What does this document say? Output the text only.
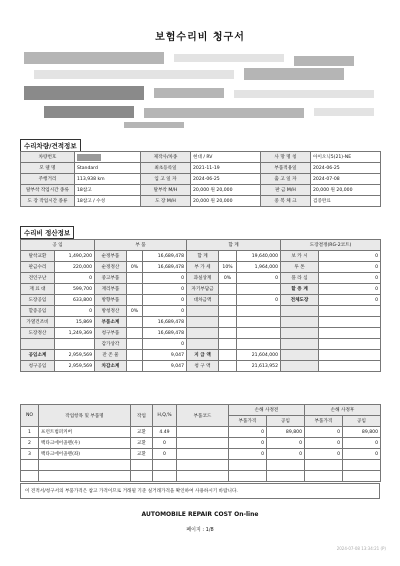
보험수리비 청구서
수리차량/견적정보
차량번호		제작사/차종	현대 / RV	사 망 명 칭	아이오닉5(21)-NE
모 델 명	Standard	최초등록일	2021-11-19	부품적용일	2024-06-25
주행거리	113,938 km	입 고 일 자	2024-06-25	출 고 일 자	2024-07-08
탈부착 작업시간 종류	18참고	탈부착 M/H	20,000 원 20,000	판 금 M/H	20,000 원 20,000
도 장 작업시간 종류	18참고 / 수성	도 장 M/H	20,000 원 20,000	중 복 체 크	검증완료
수리비 정산정보
공 임		부 품			합 계			도장결정(RG-2코트)	
탈착교환	1,490,200	순정부품		16,689,478	합 계		19,640,000	보 카 시	0
판금수리	220,000	순정정산	0%	16,689,478	부 가 세	10%	1,964,000	투 톤	0
견인구난	0	중고부품		0	과실상계	0%	0	플 라 심	0
재 료 대	599,700	재리부품		0	자기부담금			할 증 계	0
도장공임	633,800	방향부품		0	대차금액		0	전체도장	0
할증공임	0	방청정산	0%	0					
가열건조비	15,869	부품소계		16,689,478					
도장정산	1,249,369	청구부품		16,689,478					
		감가상각		0					
공임소계	2,959,569	잔 존 물		9,047	지 급 액		21,604,000		
청구공임	2,959,569	차감소계		9,047	청 구 액		21,613,952		
NO	작업항목 및 부품명	작업	H,Q,%	부품코드	손해 사정전		손해 사정후	
					부품가격	공임	부품가격	공임
1	프런트범퍼커버	교환	4.49		0	89,800	0	89,800
2	백타크에어졸렌(우)	교환	0		0	0	0	0
3	백타크에어졸렌(좌)	교환	0		0	0	0	0

이 견적서/청구서의 부품가격은 참고 가격이므로 거래될 기준 실거래가격을 확인하여 사용하시기 바랍니다.
AUTOMOBILE REPAIR COST On-line
페이지 : 1/8
2024-07-08 13:34:21 (P)
